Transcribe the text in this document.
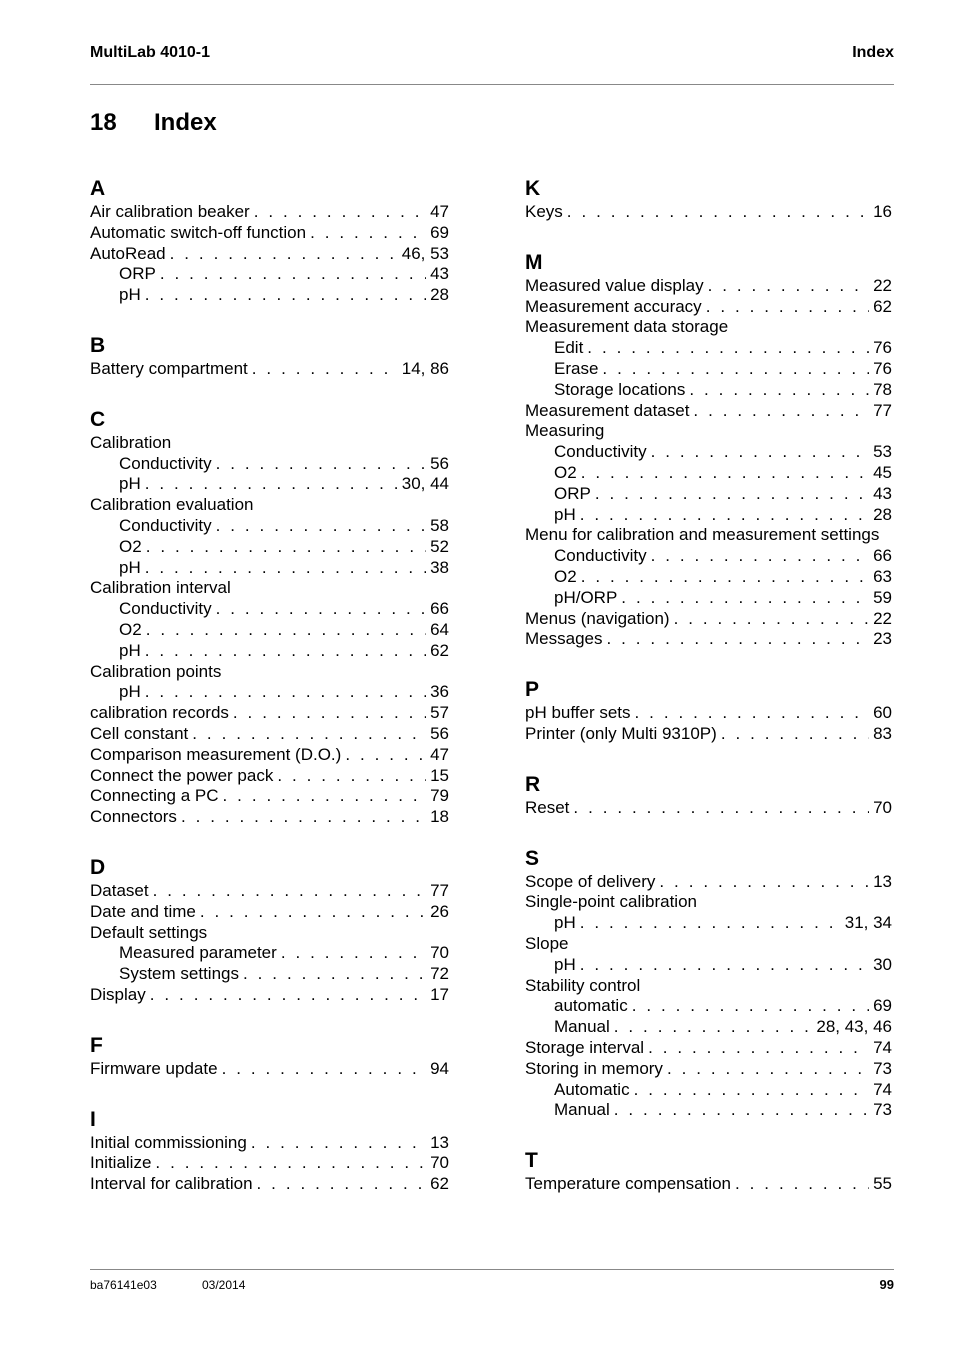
MultiLab 4010-1	Index
18 Index
A
Air calibration beaker . . .	47
Automatic switch-off function . . .	69
AutoRead . . .	46, 53
ORP . . .	43
pH . . .	28
B
Battery compartment . . .	14, 86
C
Calibration
Conductivity . . .	56
pH . . .	30, 44
Calibration evaluation
Conductivity . . .	58
O2 . . .	52
pH . . .	38
Calibration interval
Conductivity . . .	66
O2 . . .	64
pH . . .	62
Calibration points
pH . . .	36
calibration records . . .	57
Cell constant . . .	56
Comparison measurement (D.O.) . . .	47
Connect the power pack . . .	15
Connecting a PC . . .	79
Connectors . . .	18
D
Dataset . . .	77
Date and time . . .	26
Default settings
Measured parameter . . .	70
System settings . . .	72
Display . . .	17
F
Firmware update . . .	94
I
Initial commissioning . . .	13
Initialize . . .	70
Interval for calibration . . .	62
K
Keys . . .	16
M
Measured value display . . .	22
Measurement accuracy . . .	62
Measurement data storage
Edit . . .	76
Erase . . .	76
Storage locations . . .	78
Measurement dataset . . .	77
Measuring
Conductivity . . .	53
O2 . . .	45
ORP . . .	43
pH . . .	28
Menu for calibration and measurement settings
Conductivity . . .	66
O2 . . .	63
pH/ORP . . .	59
Menus (navigation) . . .	22
Messages . . .	23
P
pH buffer sets . . .	60
Printer (only Multi 9310P) . . .	83
R
Reset . . .	70
S
Scope of delivery . . .	13
Single-point calibration
pH . . .	31, 34
Slope
pH . . .	30
Stability control
automatic . . .	69
Manual . . .	28, 43, 46
Storage interval . . .	74
Storing in memory . . .	73
Automatic . . .	74
Manual . . .	73
T
Temperature compensation . . .	55
ba76141e03	03/2014	99
